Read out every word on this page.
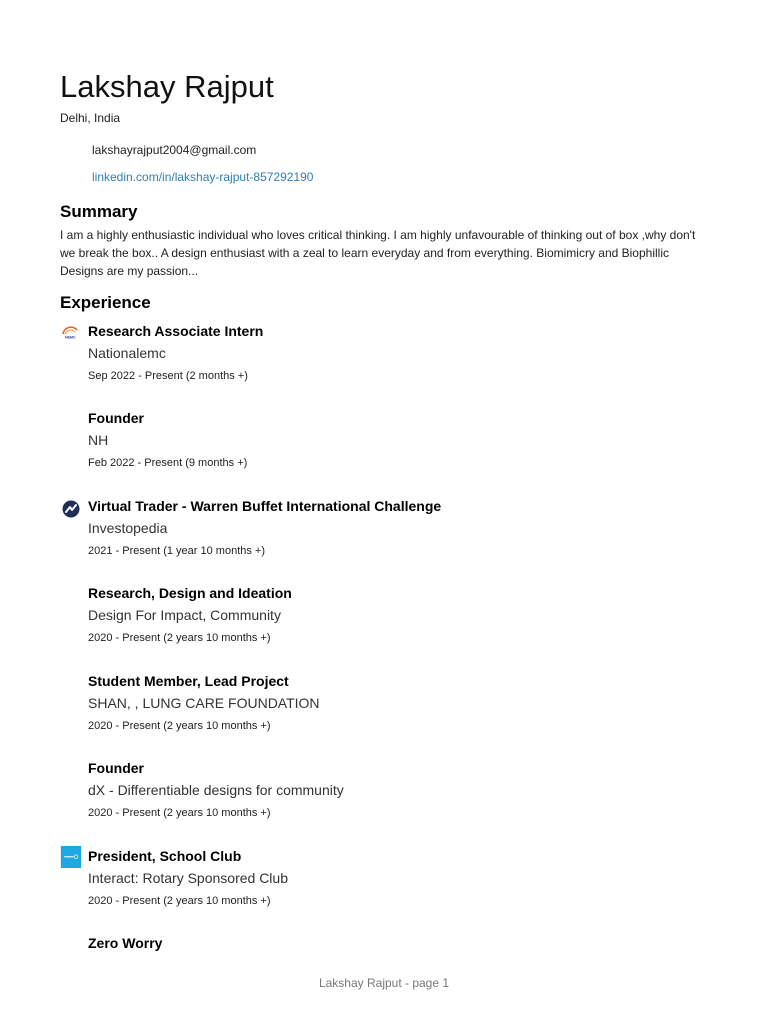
Lakshay Rajput
Delhi, India
lakshayrajput2004@gmail.com
linkedin.com/in/lakshay-rajput-857292190
Summary
I am a highly enthusiastic individual who loves critical thinking. I am highly unfavourable of thinking out of box ,why don't we break the box.. A design enthusiast with a zeal to learn everyday and from everything. Biomimicry and Biophillic Designs are my passion...
Experience
NEMC Research Associate Intern
Nationalemc
Sep 2022 - Present (2 months +)
Founder
NH
Feb 2022 - Present (9 months +)
Virtual Trader - Warren Buffet International Challenge
Investopedia
2021 - Present (1 year 10 months +)
Research, Design and Ideation
Design For Impact, Community
2020 - Present (2 years 10 months +)
Student Member, Lead Project
SHAN, , LUNG CARE FOUNDATION
2020 - Present (2 years 10 months +)
Founder
dX - Differentiable designs for community
2020 - Present (2 years 10 months +)
President, School Club
Interact: Rotary Sponsored Club
2020 - Present (2 years 10 months +)
Zero Worry
Lakshay Rajput - page 1
